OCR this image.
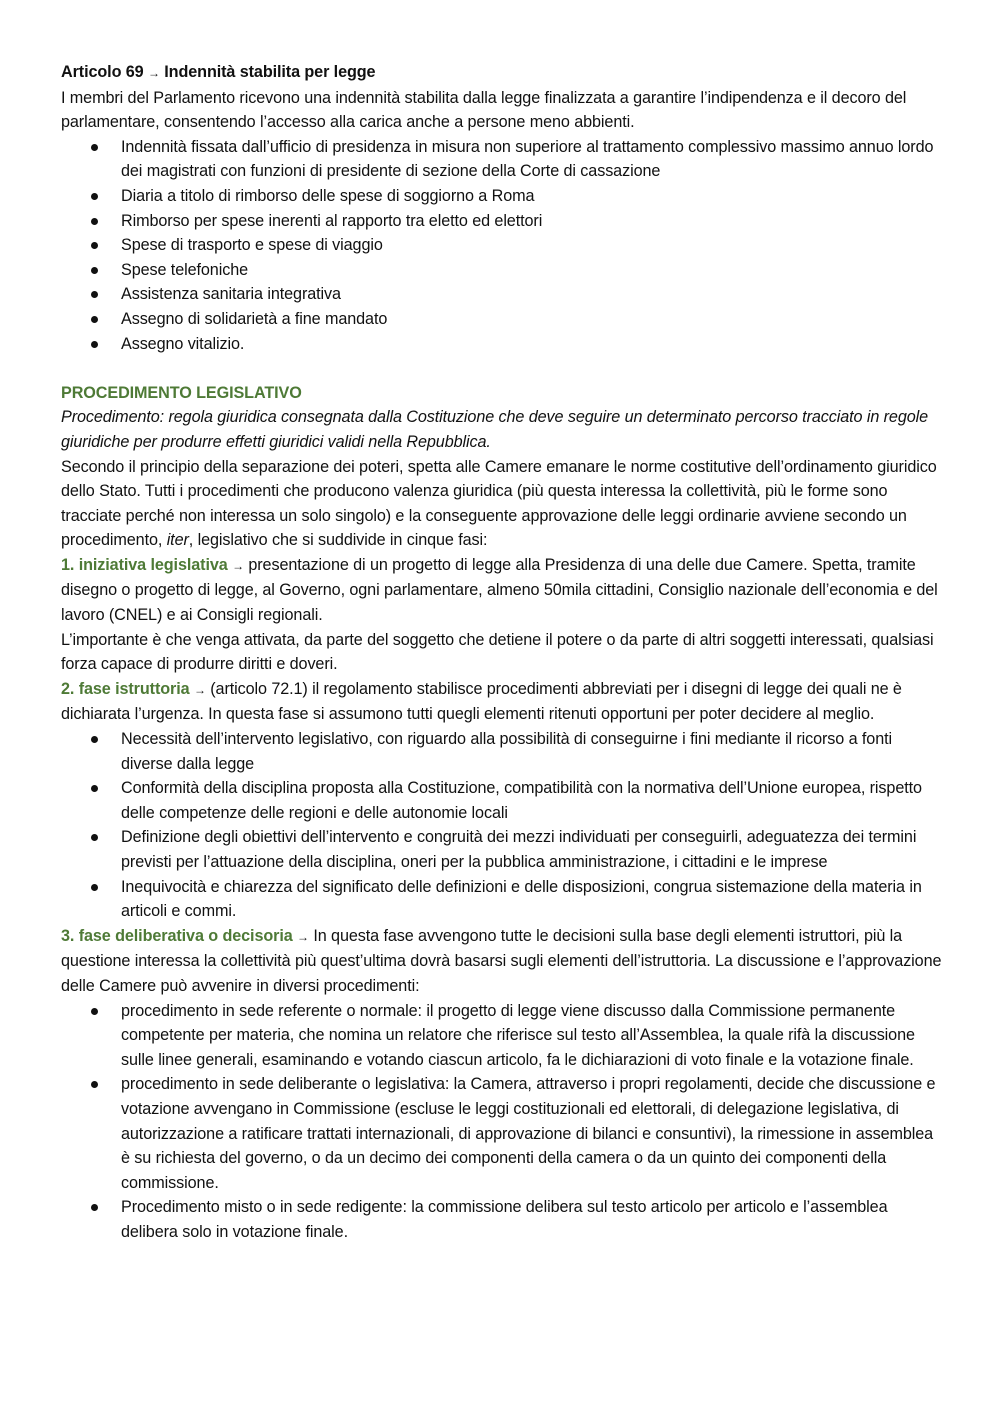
Articolo 69 → Indennità stabilita per legge

I membri del Parlamento ricevono una indennità stabilita dalla legge finalizzata a garantire l’indipendenza e il decoro del parlamentare, consentendo l’accesso alla carica anche a persone meno abbienti.

Indennità fissata dall’ufficio di presidenza in misura non superiore al trattamento complessivo massimo annuo lordo dei magistrati con funzioni di presidente di sezione della Corte di cassazione
Diaria a titolo di rimborso delle spese di soggiorno a Roma
Rimborso per spese inerenti al rapporto tra eletto ed elettori
Spese di trasporto e spese di viaggio
Spese telefoniche
Assistenza sanitaria integrativa
Assegno di solidarietà a fine mandato
Assegno vitalizio.

PROCEDIMENTO LEGISLATIVO

Procedimento: regola giuridica consegnata dalla Costituzione che deve seguire un determinato percorso tracciato in regole giuridiche per produrre effetti giuridici validi nella Repubblica.

Secondo il principio della separazione dei poteri, spetta alle Camere emanare le norme costitutive dell’ordinamento giuridico dello Stato. Tutti i procedimenti che producono valenza giuridica (più questa interessa la collettività, più le forme sono tracciate perché non interessa un solo singolo) e la conseguente approvazione delle leggi ordinarie avviene secondo un procedimento, iter, legislativo che si suddivide in cinque fasi:

1. iniziativa legislativa → presentazione di un progetto di legge alla Presidenza di una delle due Camere. Spetta, tramite disegno o progetto di legge, al Governo, ogni parlamentare, almeno 50mila cittadini, Consiglio nazionale dell’economia e del lavoro (CNEL) e ai Consigli regionali.

L’importante è che venga attivata, da parte del soggetto che detiene il potere o da parte di altri soggetti interessati, qualsiasi forza capace di produrre diritti e doveri.

2. fase istruttoria → (articolo 72.1) il regolamento stabilisce procedimenti abbreviati per i disegni di legge dei quali ne è dichiarata l’urgenza. In questa fase si assumono tutti quegli elementi ritenuti opportuni per poter decidere al meglio.

Necessità dell’intervento legislativo, con riguardo alla possibilità di conseguirne i fini mediante il ricorso a fonti diverse dalla legge
Conformità della disciplina proposta alla Costituzione, compatibilità con la normativa dell’Unione europea, rispetto delle competenze delle regioni e delle autonomie locali
Definizione degli obiettivi dell’intervento e congruità dei mezzi individuati per conseguirli, adeguatezza dei termini previsti per l’attuazione della disciplina, oneri per la pubblica amministrazione, i cittadini e le imprese
Inequivocità e chiarezza del significato delle definizioni e delle disposizioni, congrua sistemazione della materia in articoli e commi.

3. fase deliberativa o decisoria → In questa fase avvengono tutte le decisioni sulla base degli elementi istruttori, più la questione interessa la collettività più quest’ultima dovrà basarsi sugli elementi dell’istruttoria. La discussione e l’approvazione delle Camere può avvenire in diversi procedimenti:

procedimento in sede referente o normale: il progetto di legge viene discusso dalla Commissione permanente competente per materia, che nomina un relatore che riferisce sul testo all’Assemblea, la quale rifà la discussione sulle linee generali, esaminando e votando ciascun articolo, fa le dichiarazioni di voto finale e la votazione finale.
procedimento in sede deliberante o legislativa: la Camera, attraverso i propri regolamenti, decide che discussione e votazione avvengano in Commissione (escluse le leggi costituzionali ed elettorali, di delegazione legislativa, di autorizzazione a ratificare trattati internazionali, di approvazione di bilanci e consuntivi), la rimessione in assemblea è su richiesta del governo, o da un decimo dei componenti della camera o da un quinto dei componenti della commissione.
Procedimento misto o in sede redigente: la commissione delibera sul testo articolo per articolo e l’assemblea delibera solo in votazione finale.
